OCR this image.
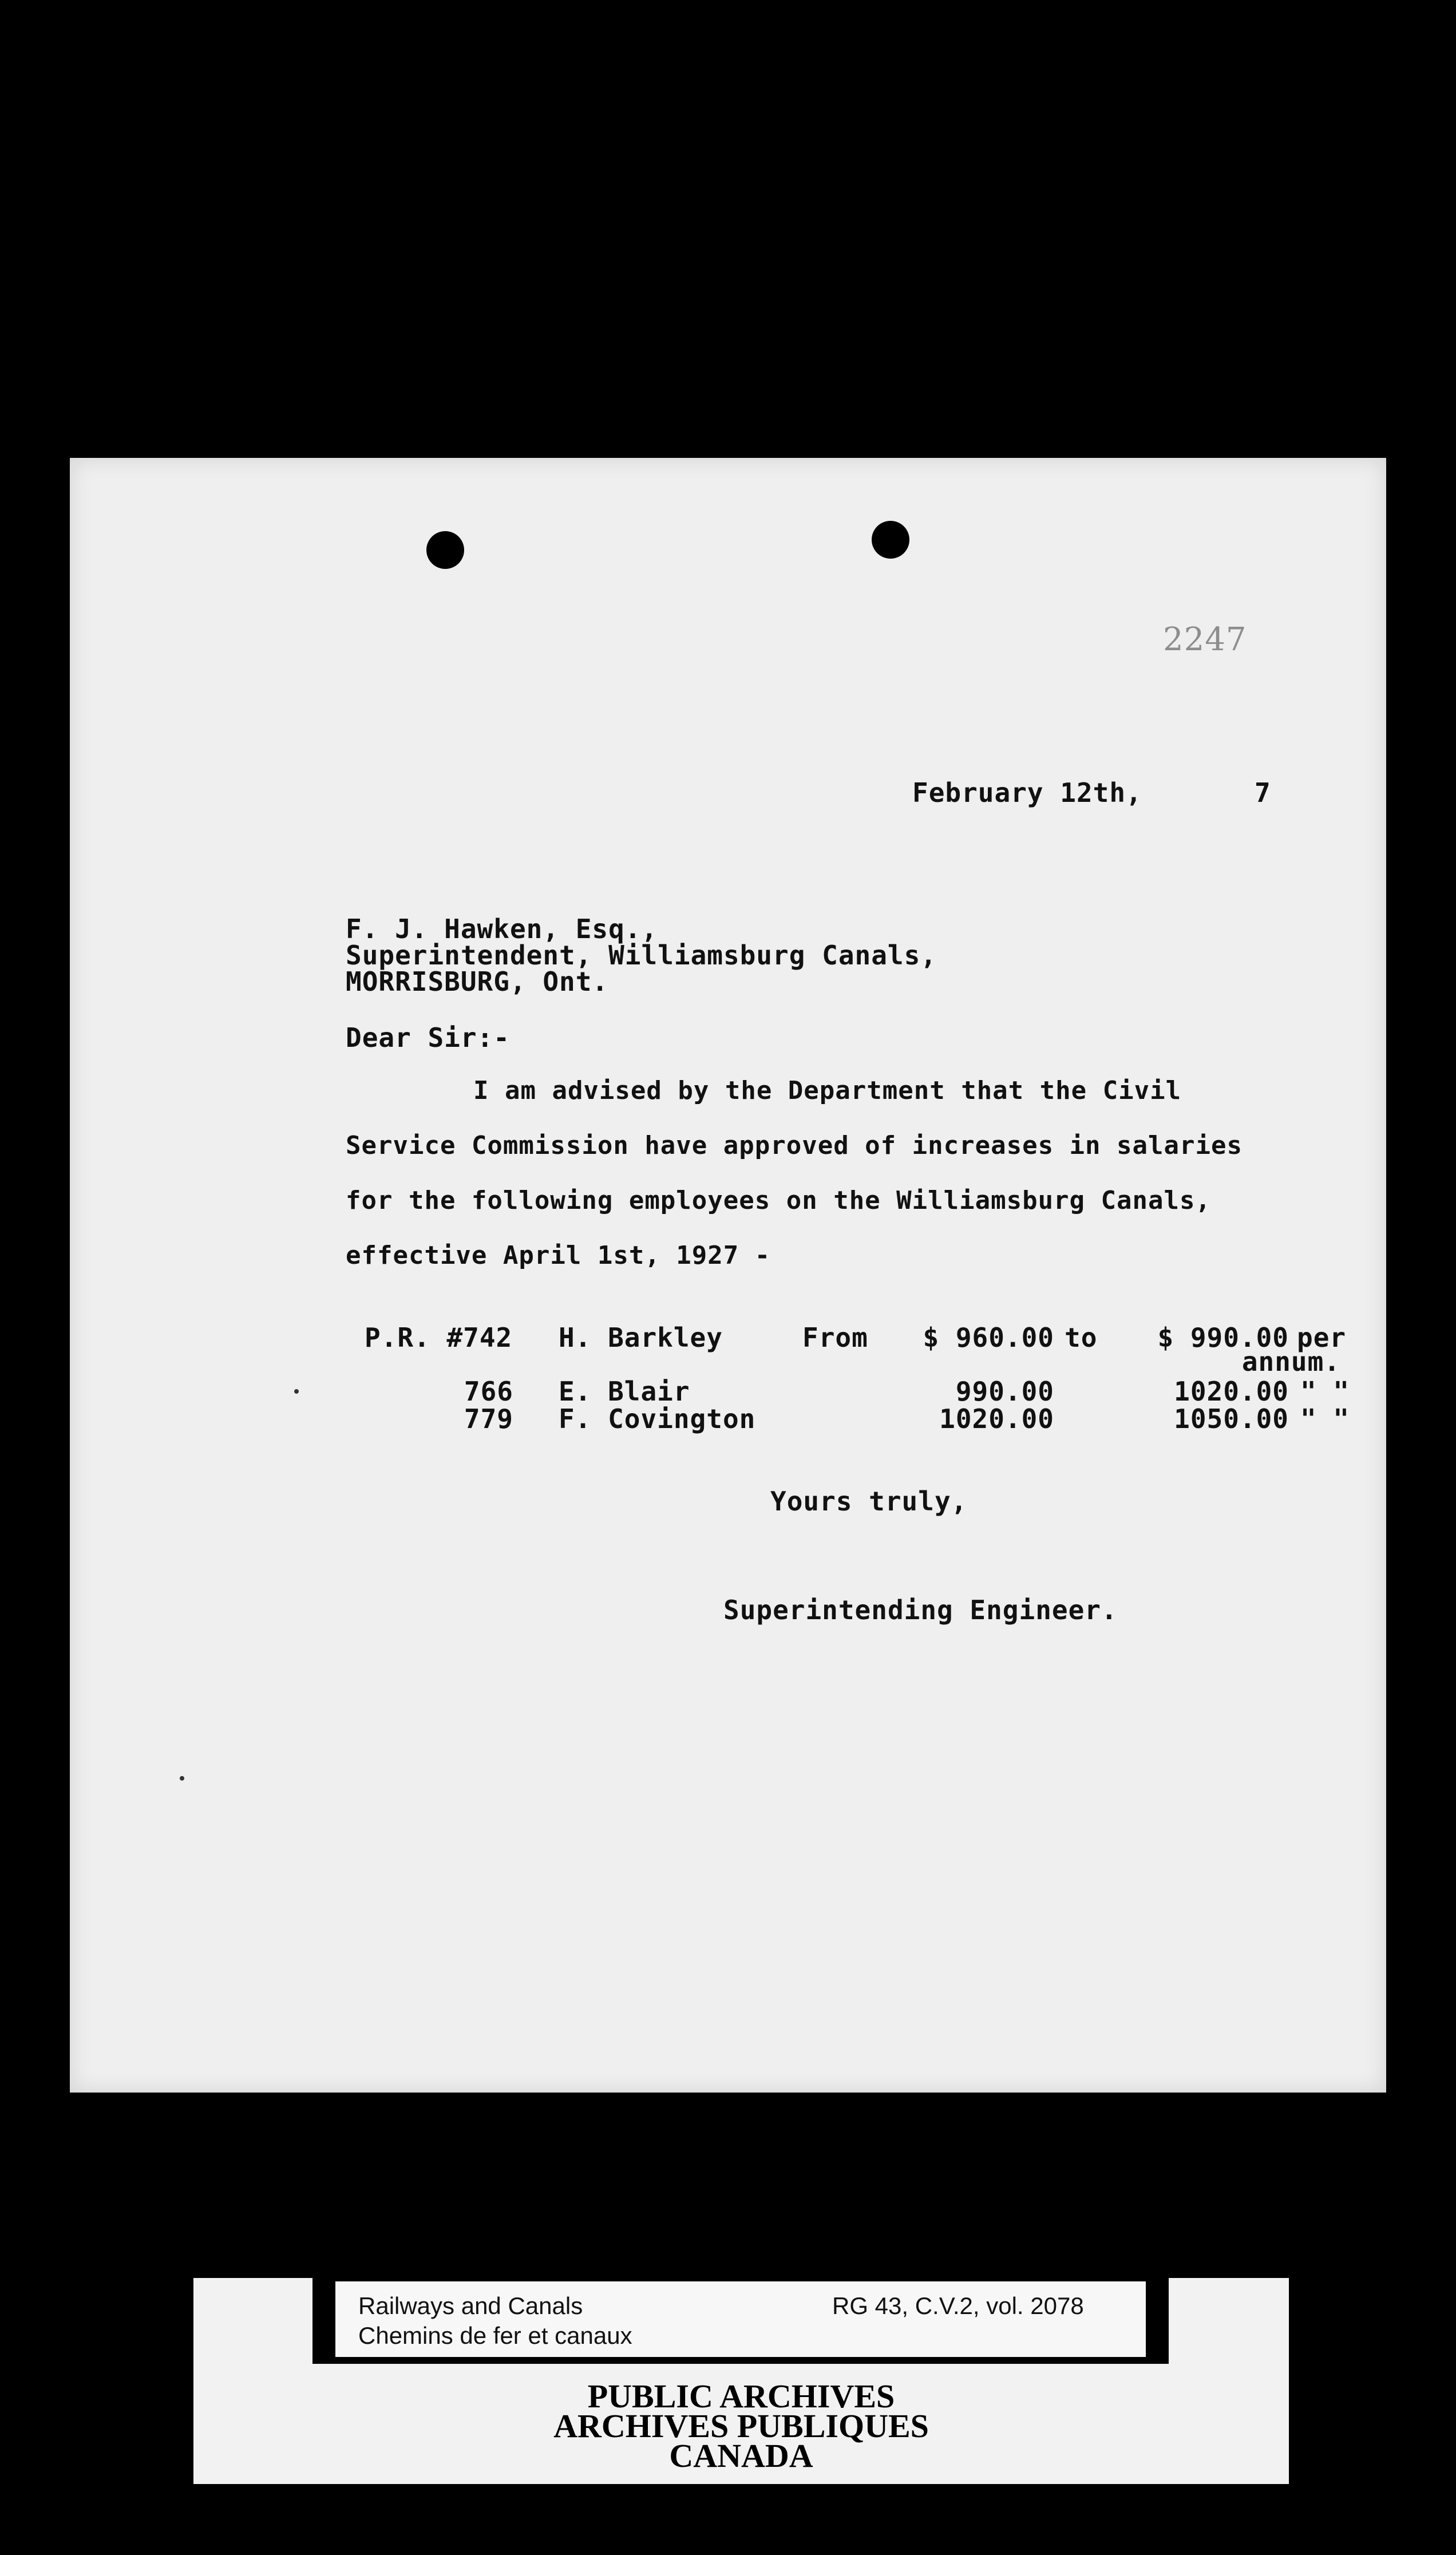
2247
February 12th,	7
F. J. Hawken, Esq.,
Superintendent, Williamsburg Canals,
MORRISBURG, Ont.
Dear Sir:-
I am advised by the Department that the Civil
Service Commission have approved of increases in salaries
for the following employees on the Williamsburg Canals,
effective April 1st, 1927 -
P.R. #742 H. Barkley	From	$ 960.00 to	$ 990.00 per
annum.
766 E. Blair	990.00	1020.00 " "
779 F. Covington	1020.00	1050.00 " "
Yours truly,
Superintending Engineer.
Railways and Canals
Chemins de fer et canaux
RG 43, C.V.2, vol. 2078
PUBLIC ARCHIVES
ARCHIVES PUBLIQUES
CANADA
